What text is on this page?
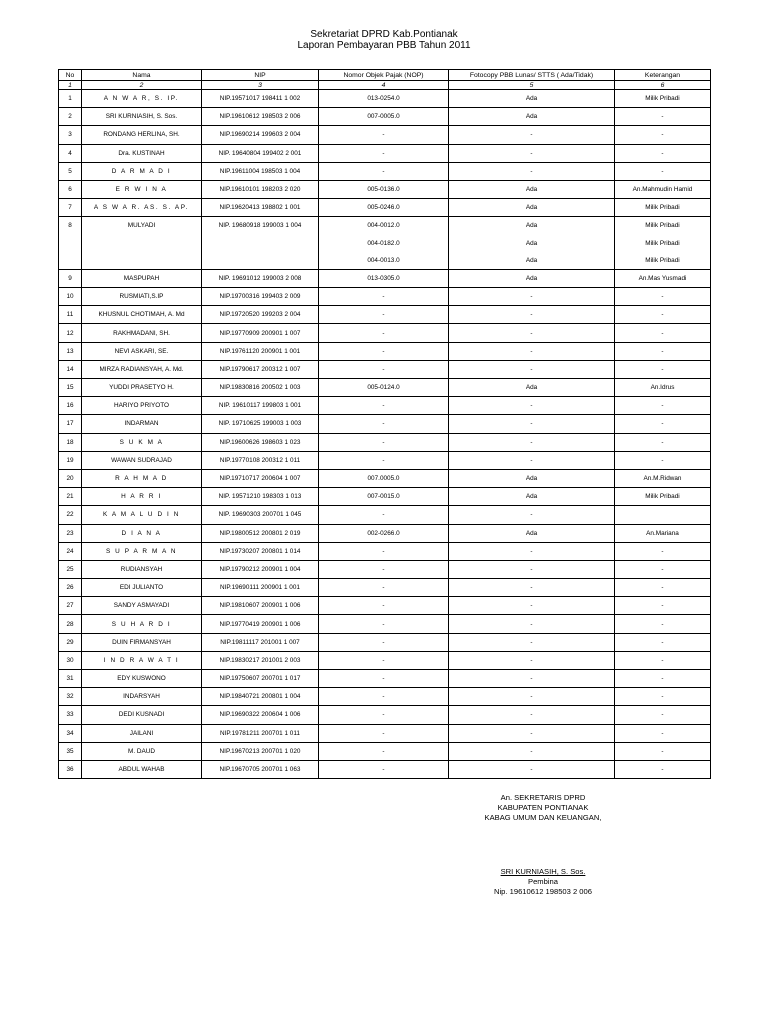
Sekretariat DPRD Kab.Pontianak
Laporan Pembayaran PBB Tahun 2011
No	Nama	NIP	Nomor Objek Pajak (NOP)	Fotocopy PBB Lunas/ STTS ( Ada/Tidak)	Keterangan
1	2	3	4	5	6
1	A N W A R, S. IP.	NIP.19571017 198411 1 002	013-0254.0	Ada	Milik Pribadi
2	SRI KURNIASIH, S. Sos.	NIP.19610612 198503 2 006	007-0005.0	Ada	-
3	RONDANG HERLINA, SH.	NIP.19690214 199603 2 004	-	-	-
4	Dra. KUSTINAH	NIP. 19640804 199402 2 001	-	-	-
5	D A R M A D I	NIP.19611004 198503 1 004	-	-	-
6	E R W I N A	NIP.19610101 198203 2 020	005-0136.0	Ada	An.Mahmudin Hamid
7	A S W A R. AS. S. AP.	NIP.19620413 198802 1 001	005-0246.0	Ada	Milik Pribadi
8	MULYADI	NIP. 19680918 199003 1 004	004-0012.0	Ada	Milik Pribadi
			004-0182.0	Ada	Milik Pribadi
			004-0013.0	Ada	Milik Pribadi
9	MASPUPAH	NIP. 19691012 199003 2 008	013-0305.0	Ada	An.Mas Yusmadi
10	RUSMIATI,S.IP	NIP.19700316 199403 2 009	-	-	-
11	KHUSNUL CHOTIMAH, A. Md	NIP.19720520 199203 2 004	-	-	-
12	RAKHMADANI, SH.	NIP.19770909 200901 1 007	-	-	-
13	NEVI ASKARI, SE.	NIP.19761120 200901 1 001	-	-	-
14	MIRZA RADIANSYAH, A. Md.	NIP.19790617 200312 1 007	-	-	-
15	YUDDI PRASETYO H.	NIP.19830816 200502 1 003	005-0124.0	Ada	An.Idrus
16	HARIYO PRIYOTO	NIP. 19610117 199803 1 001	-	-	-
17	INDARMAN	NIP. 19710625 199003 1 003	-	-	-
18	S U K M A	NIP.19600626 198603 1 023	-	-	-
19	WAWAN SUDRAJAD	NIP.19770108 200312 1 011	-	-	-
20	R A H M A D	NIP.19710717 200604 1 007	007.0005.0	Ada	An.M.Ridwan
21	H A R R I	NIP. 19571210 198303 1 013	007-0015.0	Ada	Milik Pribadi
22	K A M A L U D I N	NIP. 19690303 200701 1 045	-	-	
23	D I A N A	NIP.19800512 200801 2 019	002-0266.0	Ada	An.Mariana
24	S U P A R M A N	NIP.19730207 200801 1 014	-	-	-
25	RUDIANSYAH	NIP.19790212 200901 1 004	-	-	-
26	EDI JULIANTO	NIP.19690111 200901 1 001	-	-	-
27	SANDY ASMAYADI	NIP.19810607 200901 1 006	-	-	-
28	S U H A R D I	NIP.19770419 200901 1 006	-	-	-
29	DUIN FIRMANSYAH	NIP.19811117 201001 1 007	-	-	-
30	I N D R A W A T I	NIP.19830217 201001 2 003	-	-	-
31	EDY KUSWONO	NIP.19750607 200701 1 017	-	-	-
32	INDARSYAH	NIP.19840721 200801 1 004	-	-	-
33	DEDI KUSNADI	NIP.19690322 200604 1 006	-	-	-
34	JAILANI	NIP.19781211 200701 1 011	-	-	-
35	M. DAUD	NIP.19670213 200701 1 020	-	-	-
36	ABDUL WAHAB	NIP.19670705 200701 1 063	-	-	-
An. SEKRETARIS DPRD
KABUPATEN PONTIANAK
KABAG UMUM DAN KEUANGAN,
SRI KURNIASIH, S. Sos.
Pembina
Nip. 19610612 198503 2 006
